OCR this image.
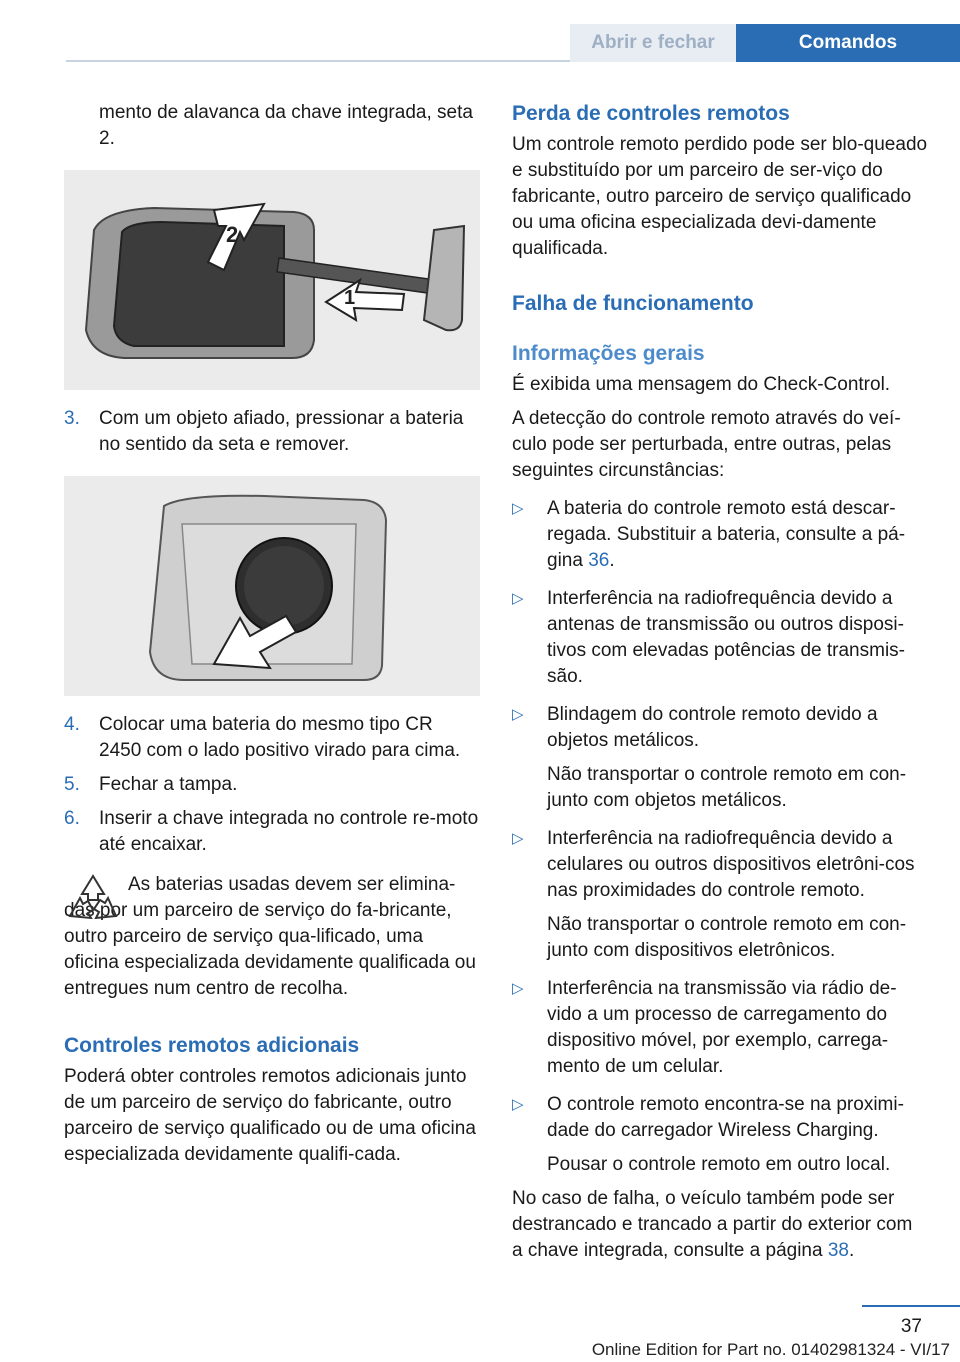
Abrir e fechar	Comandos

mento de alavanca da chave integrada, seta 2.

2
1
3. Com um objeto afiado, pressionar a bateria no sentido da seta e remover.
4. Colocar uma bateria do mesmo tipo CR 2450 com o lado positivo virado para cima.
5. Fechar a tampa.
6. Inserir a chave integrada no controle re‐moto até encaixar.

As baterias usadas devem ser elimina‐das por um parceiro de serviço do fa‐bricante, outro parceiro de serviço qua‐lificado, uma oficina especializada devidamente qualificada ou entregues num centro de recolha.

Controles remotos adicionais

Poderá obter controles remotos adicionais junto de um parceiro de serviço do fabricante, outro parceiro de serviço qualificado ou de uma oficina especializada devidamente qualifi‐cada.

Perda de controles remotos

Um controle remoto perdido pode ser blo‐queado e substituído por um parceiro de ser‐viço do fabricante, outro parceiro de serviço qualificado ou uma oficina especializada devi‐damente qualificada.

Falha de funcionamento
Informações gerais

É exibida uma mensagem do Check-Control.

A detecção do controle remoto através do veí‐culo pode ser perturbada, entre outras, pelas seguintes circunstâncias:

▷ A bateria do controle remoto está descar‐regada. Substituir a bateria, consulte a pá‐gina 36.
▷ Interferência na radiofrequência devido a antenas de transmissão ou outros disposi‐tivos com elevadas potências de transmis‐são.
▷ Blindagem do controle remoto devido a objetos metálicos.

Não transportar o controle remoto em con‐junto com objetos metálicos.

▷ Interferência na radiofrequência devido a celulares ou outros dispositivos eletrôni‐cos nas proximidades do controle remoto.

Não transportar o controle remoto em con‐junto com dispositivos eletrônicos.

▷ Interferência na transmissão via rádio de‐vido a um processo de carregamento do dispositivo móvel, por exemplo, carrega‐mento de um celular.
▷ O controle remoto encontra-se na proximi‐dade do carregador Wireless Charging.

Pousar o controle remoto em outro local.

No caso de falha, o veículo também pode ser destrancado e trancado a partir do exterior com a chave integrada, consulte a página 38.

37
Online Edition for Part no. 01402981324 - VI/17
